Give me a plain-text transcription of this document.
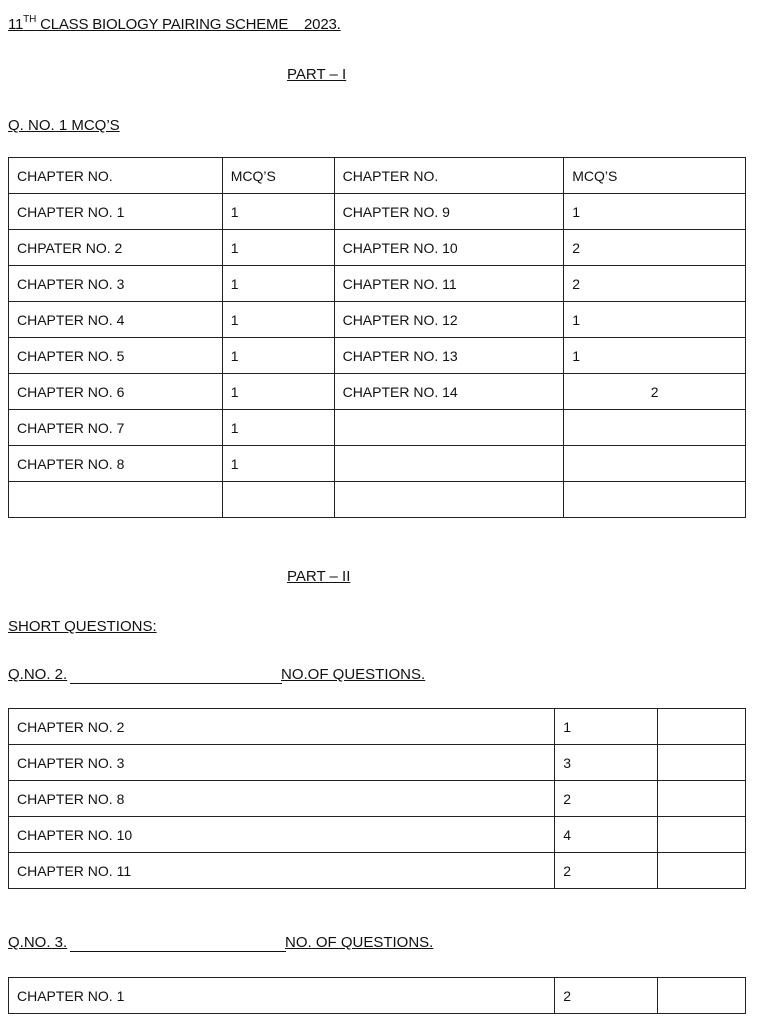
11TH CLASS BIOLOGY PAIRING SCHEME    2023.
PART – I
Q. NO. 1 MCQ’S
CHAPTER NO.	MCQ’S	CHAPTER NO.	MCQ’S
CHAPTER NO. 1	1	CHAPTER NO. 9	1
CHPATER NO. 2	1	CHAPTER NO. 10	2
CHAPTER NO. 3	1	CHAPTER NO. 11	2
CHAPTER NO. 4	1	CHAPTER NO. 12	1
CHAPTER NO. 5	1	CHAPTER NO. 13	1
CHAPTER NO. 6	1	CHAPTER NO. 14	2
CHAPTER NO. 7	1		
CHAPTER NO. 8	1		

PART – II
SHORT QUESTIONS:
Q.NO. 2.	NO.OF QUESTIONS.
CHAPTER NO. 2	1	
CHAPTER NO. 3	3	
CHAPTER NO. 8	2	
CHAPTER NO. 10	4	
CHAPTER NO. 11	2	
Q.NO. 3.	NO. OF QUESTIONS.
CHAPTER NO. 1	2	
